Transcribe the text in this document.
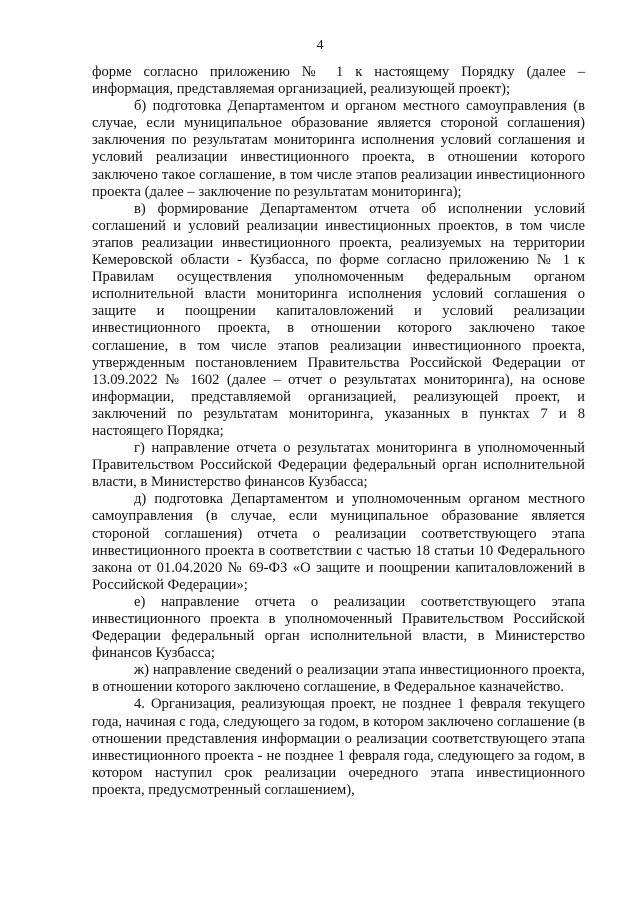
4

форме согласно приложению № 1 к настоящему Порядку (далее – информация, представляемая организацией, реализующей проект);

б) подготовка Департаментом и органом местного самоуправления (в случае, если муниципальное образование является стороной соглашения) заключения по результатам мониторинга исполнения условий соглашения и условий реализации инвестиционного проекта, в отношении которого заключено такое соглашение, в том числе этапов реализации инвестиционного проекта (далее – заключение по результатам мониторинга);

в) формирование Департаментом отчета об исполнении условий соглашений и условий реализации инвестиционных проектов, в том числе этапов реализации инвестиционного проекта, реализуемых на территории Кемеровской области - Кузбасса, по форме согласно приложению № 1 к Правилам осуществления уполномоченным федеральным органом исполнительной власти мониторинга исполнения условий соглашения о защите и поощрении капиталовложений и условий реализации инвестиционного проекта, в отношении которого заключено такое соглашение, в том числе этапов реализации инвестиционного проекта, утвержденным постановлением Правительства Российской Федерации от 13.09.2022 № 1602 (далее – отчет о результатах мониторинга), на основе информации, представляемой организацией, реализующей проект, и заключений по результатам мониторинга, указанных в пунктах 7 и 8 настоящего Порядка;

г) направление отчета о результатах мониторинга в уполномоченный Правительством Российской Федерации федеральный орган исполнительной власти, в Министерство финансов Кузбасса;

д) подготовка Департаментом и уполномоченным органом местного самоуправления (в случае, если муниципальное образование является стороной соглашения) отчета о реализации соответствующего этапа инвестиционного проекта в соответствии с частью 18 статьи 10 Федерального закона от 01.04.2020 № 69-ФЗ «О защите и поощрении капиталовложений в Российской Федерации»;

е) направление отчета о реализации соответствующего этапа инвестиционного проекта в уполномоченный Правительством Российской Федерации федеральный орган исполнительной власти, в Министерство финансов Кузбасса;

ж) направление сведений о реализации этапа инвестиционного проекта, в отношении которого заключено соглашение, в Федеральное казначейство.

4. Организация, реализующая проект, не позднее 1 февраля текущего года, начиная с года, следующего за годом, в котором заключено соглашение (в отношении представления информации о реализации соответствующего этапа инвестиционного проекта - не позднее 1 февраля года, следующего за годом, в котором наступил срок реализации очередного этапа инвестиционного проекта, предусмотренный соглашением),
